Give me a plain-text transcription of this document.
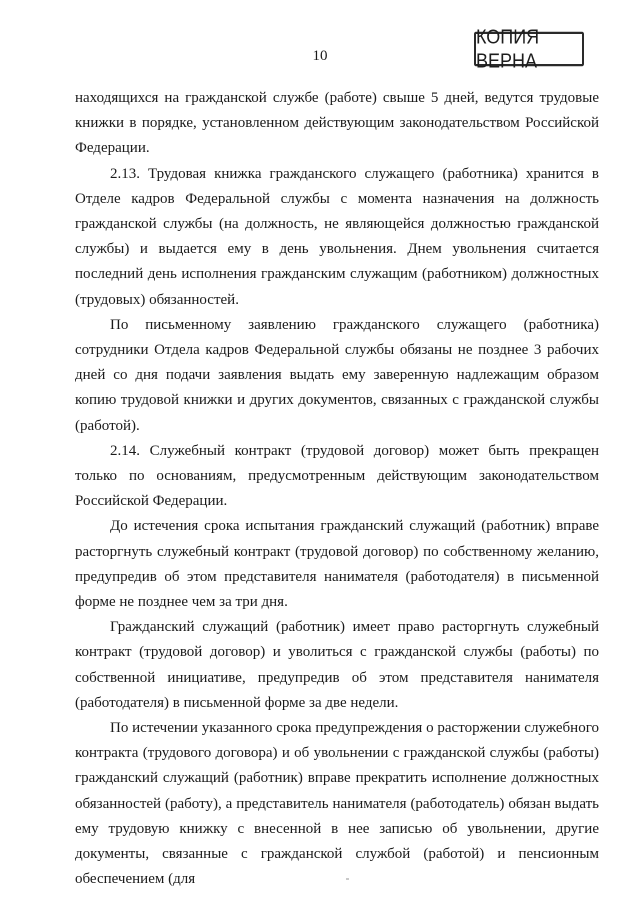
10
КОПИЯ ВЕРНА

находящихся на гражданской службе (работе) свыше 5 дней, ведутся трудовые книжки в порядке, установленном действующим законодательством Российской Федерации.

2.13. Трудовая книжка гражданского служащего (работника) хранится в Отделе кадров Федеральной службы с момента назначения на должность гражданской службы (на должность, не являющейся должностью гражданской службы) и выдается ему в день увольнения. Днем увольнения считается последний день исполнения гражданским служащим (работником) должностных (трудовых) обязанностей.

По письменному заявлению гражданского служащего (работника) сотрудники Отдела кадров Федеральной службы обязаны не позднее 3 рабочих дней со дня подачи заявления выдать ему заверенную надлежащим образом копию трудовой книжки и других документов, связанных с гражданской службы (работой).

2.14. Служебный контракт (трудовой договор) может быть прекращен только по основаниям, предусмотренным действующим законодательством Российской Федерации.

До истечения срока испытания гражданский служащий (работник) вправе расторгнуть служебный контракт (трудовой договор) по собственному желанию, предупредив об этом представителя нанимателя (работодателя) в письменной форме не позднее чем за три дня.

Гражданский служащий (работник) имеет право расторгнуть служебный контракт (трудовой договор) и уволиться с гражданской службы (работы) по собственной инициативе, предупредив об этом представителя нанимателя (работодателя) в письменной форме за две недели.

По истечении указанного срока предупреждения о расторжении служебного контракта (трудового договора) и об увольнении с гражданской службы (работы) гражданский служащий (работник) вправе прекратить исполнение должностных обязанностей (работу), а представитель нанимателя (работодатель) обязан выдать ему трудовую книжку с внесенной в нее записью об увольнении, другие документы, связанные с гражданской службой (работой) и пенсионным обеспечением (для
